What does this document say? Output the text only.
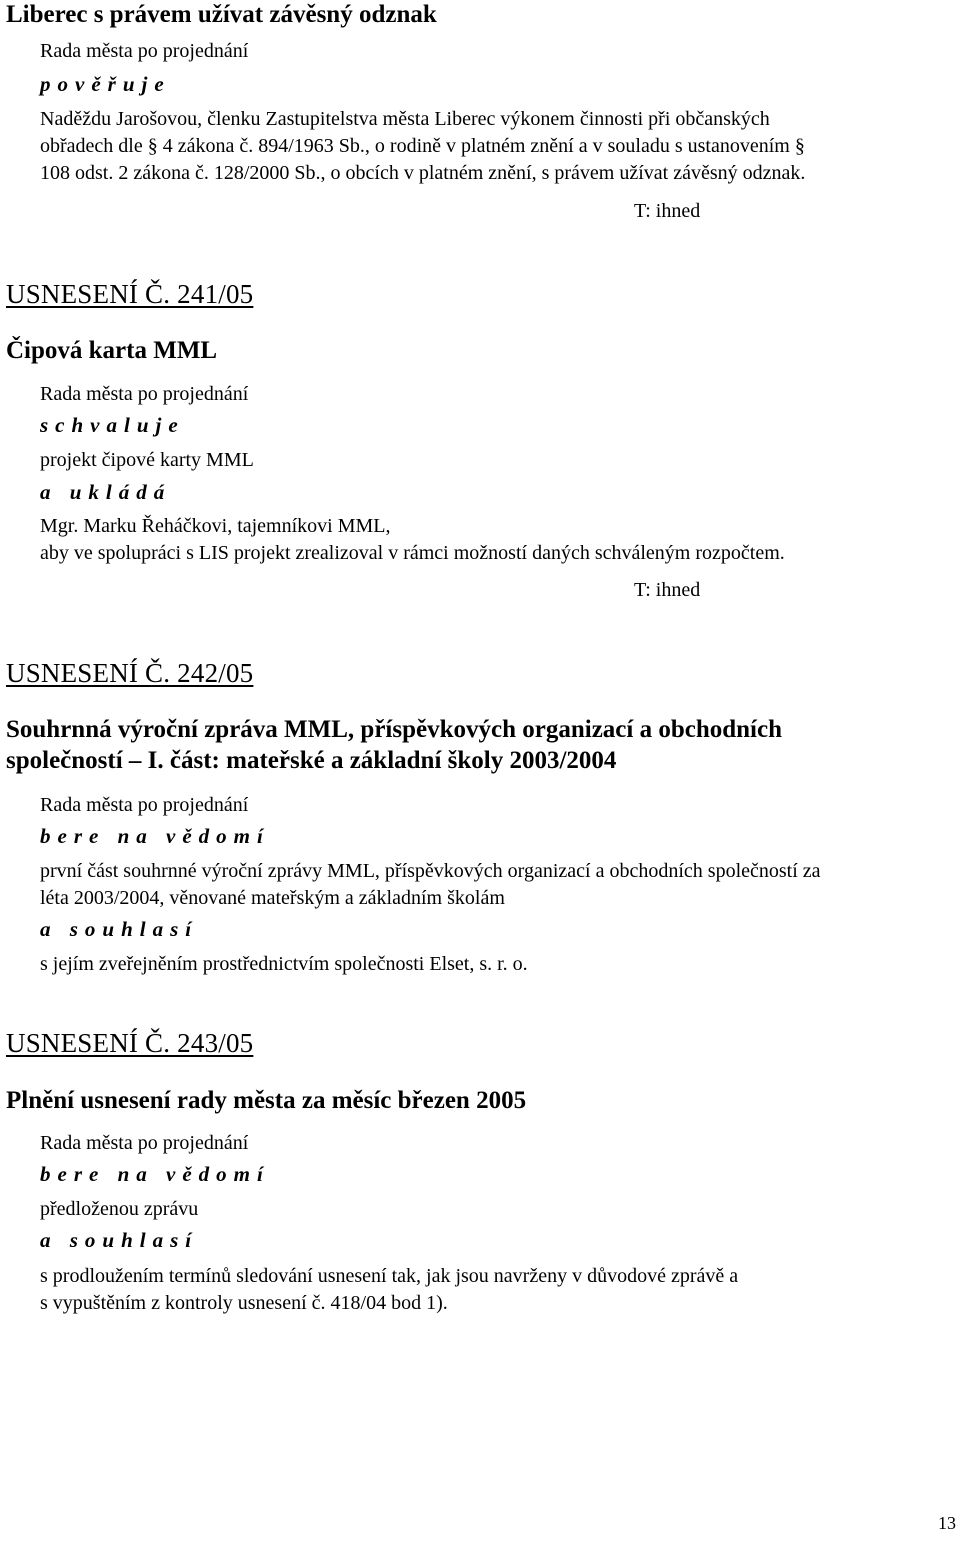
Liberec s právem užívat závěsný odznak
Rada města po projednání
pověřuje
Naděždu Jarošovou, členku Zastupitelstva města Liberec výkonem činnosti při občanských
obřadech dle § 4 zákona č. 894/1963 Sb., o rodině v platném znění a v souladu s ustanovením §
108 odst. 2 zákona č. 128/2000 Sb., o obcích v platném znění, s právem užívat závěsný odznak.
T: ihned
USNESENÍ Č. 241/05
Čipová karta MML
Rada města po projednání
schvaluje
projekt čipové karty MML
a ukládá
Mgr. Marku Řeháčkovi, tajemníkovi MML,
aby ve spolupráci s LIS projekt zrealizoval v rámci možností daných schváleným rozpočtem.
T: ihned
USNESENÍ Č. 242/05
Souhrnná výroční zpráva MML, příspěvkových organizací a obchodních
společností – I. část: mateřské a základní školy 2003/2004
Rada města po projednání
bere na vědomí
první část souhrnné výroční zprávy MML, příspěvkových organizací a obchodních společností za
léta 2003/2004, věnované mateřským a základním školám
a souhlasí
s jejím zveřejněním prostřednictvím společnosti Elset, s. r. o.
USNESENÍ Č. 243/05
Plnění usnesení rady města za měsíc březen 2005
Rada města po projednání
bere na vědomí
předloženou zprávu
a souhlasí
s prodloužením termínů sledování usnesení tak, jak jsou navrženy v důvodové zprávě a
s vypuštěním z kontroly usnesení č. 418/04 bod 1).
13
